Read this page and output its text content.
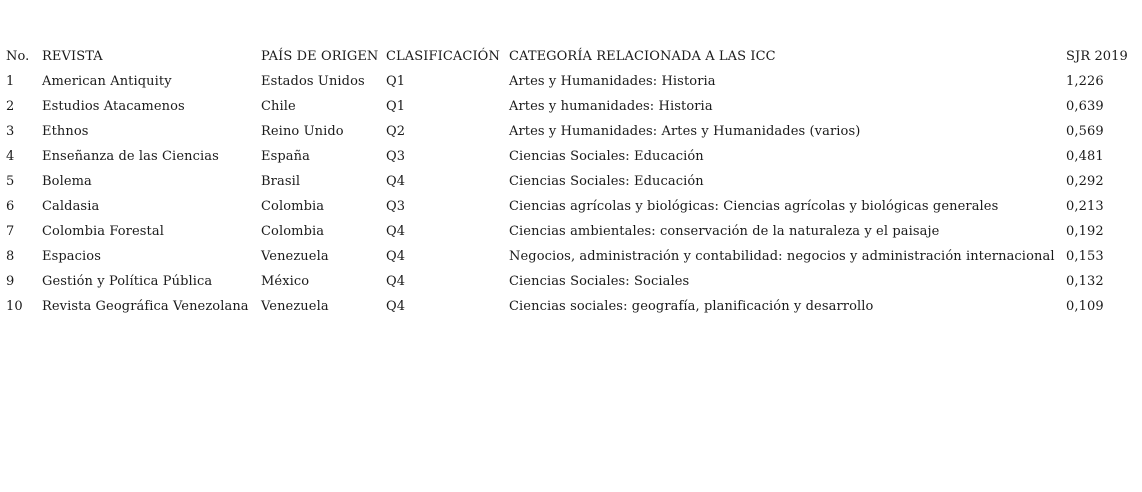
No.	REVISTA	PAÍS DE ORIGEN	CLASIFICACIÓN	CATEGORÍA RELACIONADA A LAS ICC	SJR 2019
1	American Antiquity	Estados Unidos	Q1	Artes y Humanidades: Historia	1,226
2	Estudios Atacamenos	Chile	Q1	Artes y humanidades: Historia	0,639
3	Ethnos	Reino Unido	Q2	Artes y Humanidades: Artes y Humanidades (varios)	0,569
4	Enseñanza de las Ciencias	España	Q3	Ciencias Sociales: Educación	0,481
5	Bolema	Brasil	Q4	Ciencias Sociales: Educación	0,292
6	Caldasia	Colombia	Q3	Ciencias agrícolas y biológicas: Ciencias agrícolas y biológicas generales	0,213
7	Colombia Forestal	Colombia	Q4	Ciencias ambientales: conservación de la naturaleza y el paisaje	0,192
8	Espacios	Venezuela	Q4	Negocios, administración y contabilidad: negocios y administración internacional	0,153
9	Gestión y Política Pública	México	Q4	Ciencias Sociales: Sociales	0,132
10	Revista Geográfica Venezolana	Venezuela	Q4	Ciencias sociales: geografía, planificación y desarrollo	0,109
